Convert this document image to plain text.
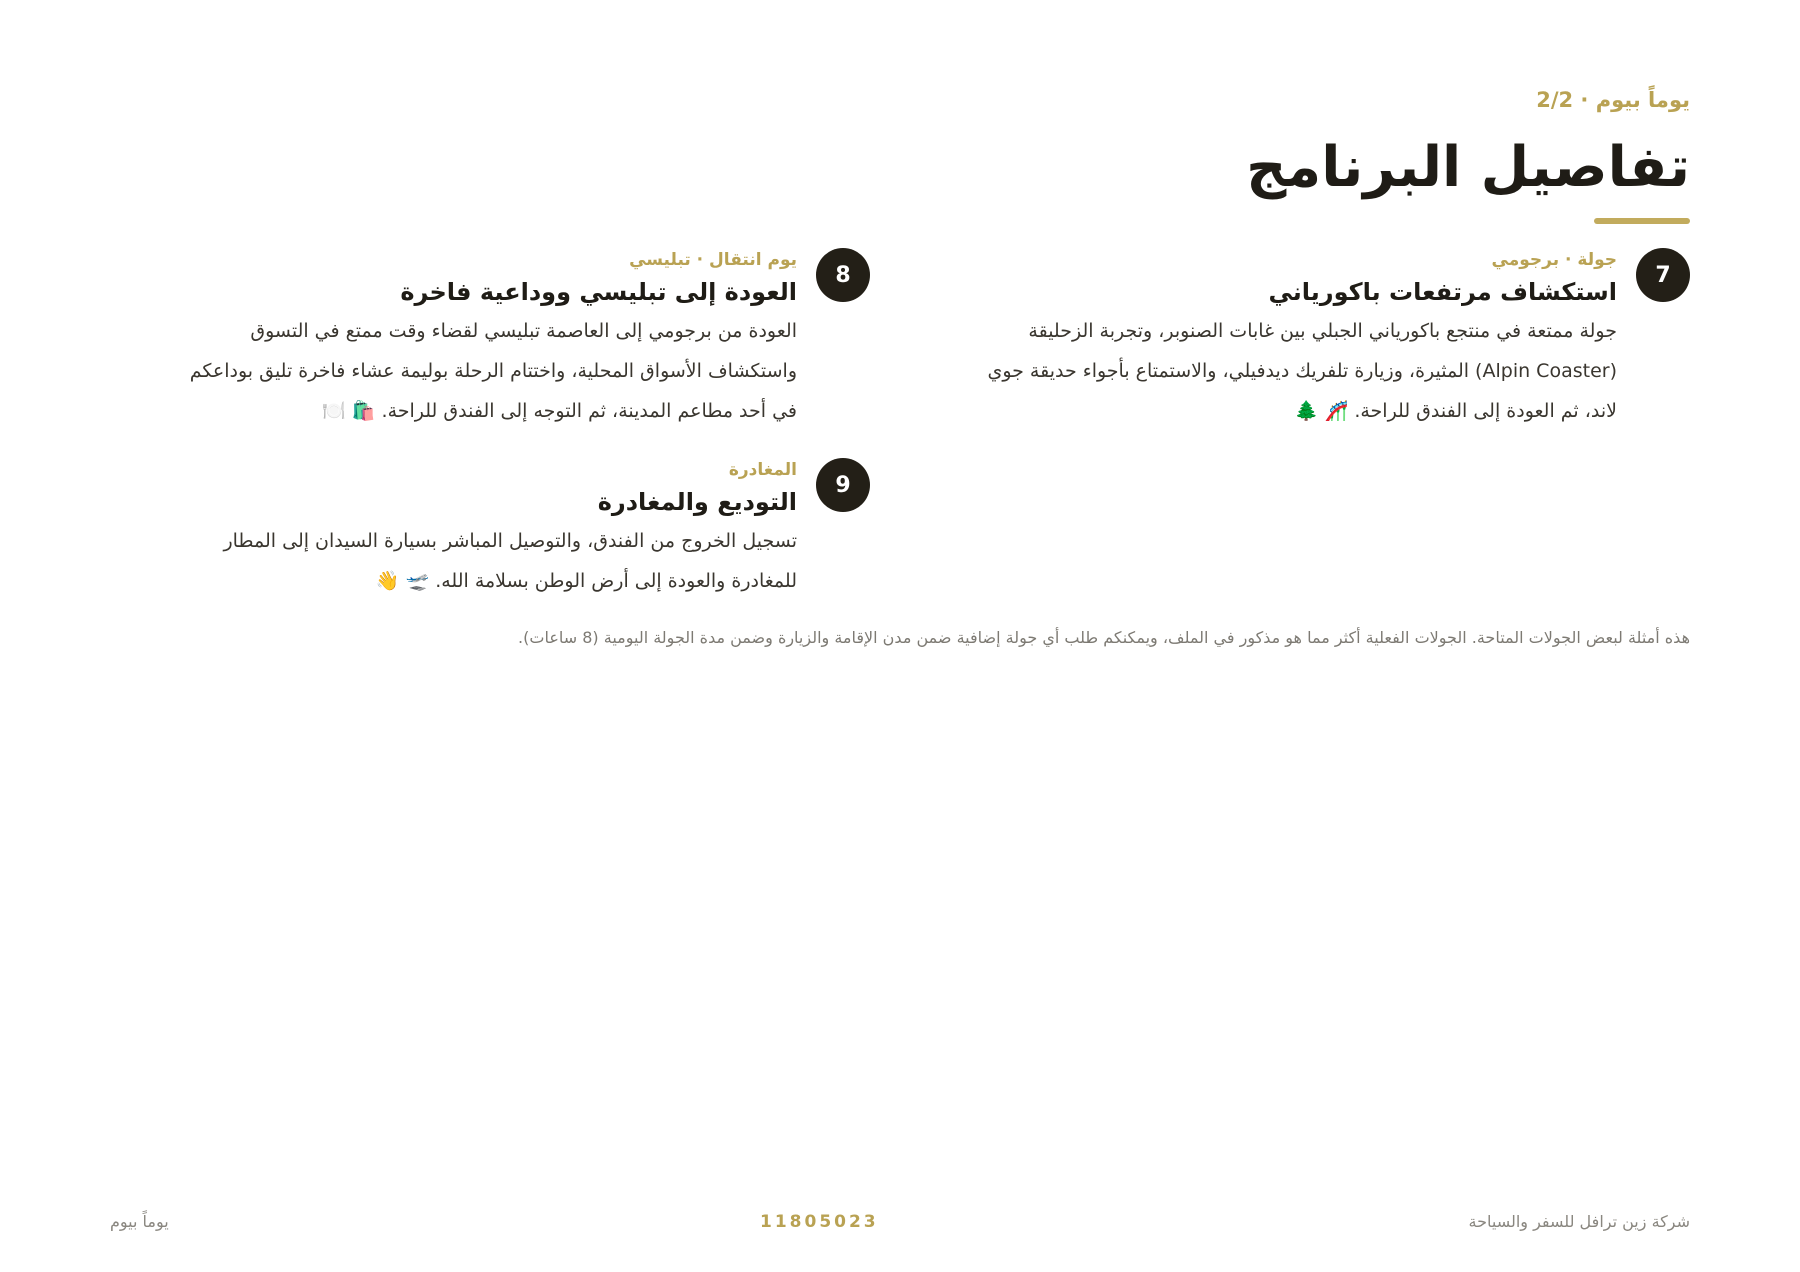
يوماً بيوم · 2/2
تفاصيل البرنامج
7
جولة · برجومي
استكشاف مرتفعات باكورياني
جولة ممتعة في منتجع باكورياني الجبلي بين غابات الصنوبر، وتجربة الزحليقة
(Alpin Coaster) المثيرة، وزيارة تلفريك ديدفيلي، والاستمتاع بأجواء حديقة جوي
لاند، ثم العودة إلى الفندق للراحة. 🎢 🌲
8
يوم انتقال · تبليسي
العودة إلى تبليسي ووداعية فاخرة
العودة من برجومي إلى العاصمة تبليسي لقضاء وقت ممتع في التسوق
واستكشاف الأسواق المحلية، واختتام الرحلة بوليمة عشاء فاخرة تليق بوداعكم
في أحد مطاعم المدينة، ثم التوجه إلى الفندق للراحة. 🛍️ 🍽️
9
المغادرة
التوديع والمغادرة
تسجيل الخروج من الفندق، والتوصيل المباشر بسيارة السيدان إلى المطار
للمغادرة والعودة إلى أرض الوطن بسلامة الله. 🛫 👋
هذه أمثلة لبعض الجولات المتاحة. الجولات الفعلية أكثر مما هو مذكور في الملف، ويمكنكم طلب أي جولة إضافية ضمن مدن الإقامة والزيارة وضمن مدة الجولة اليومية (8 ساعات).
شركة زين ترافل للسفر والسياحة
11805023
يوماً بيوم
